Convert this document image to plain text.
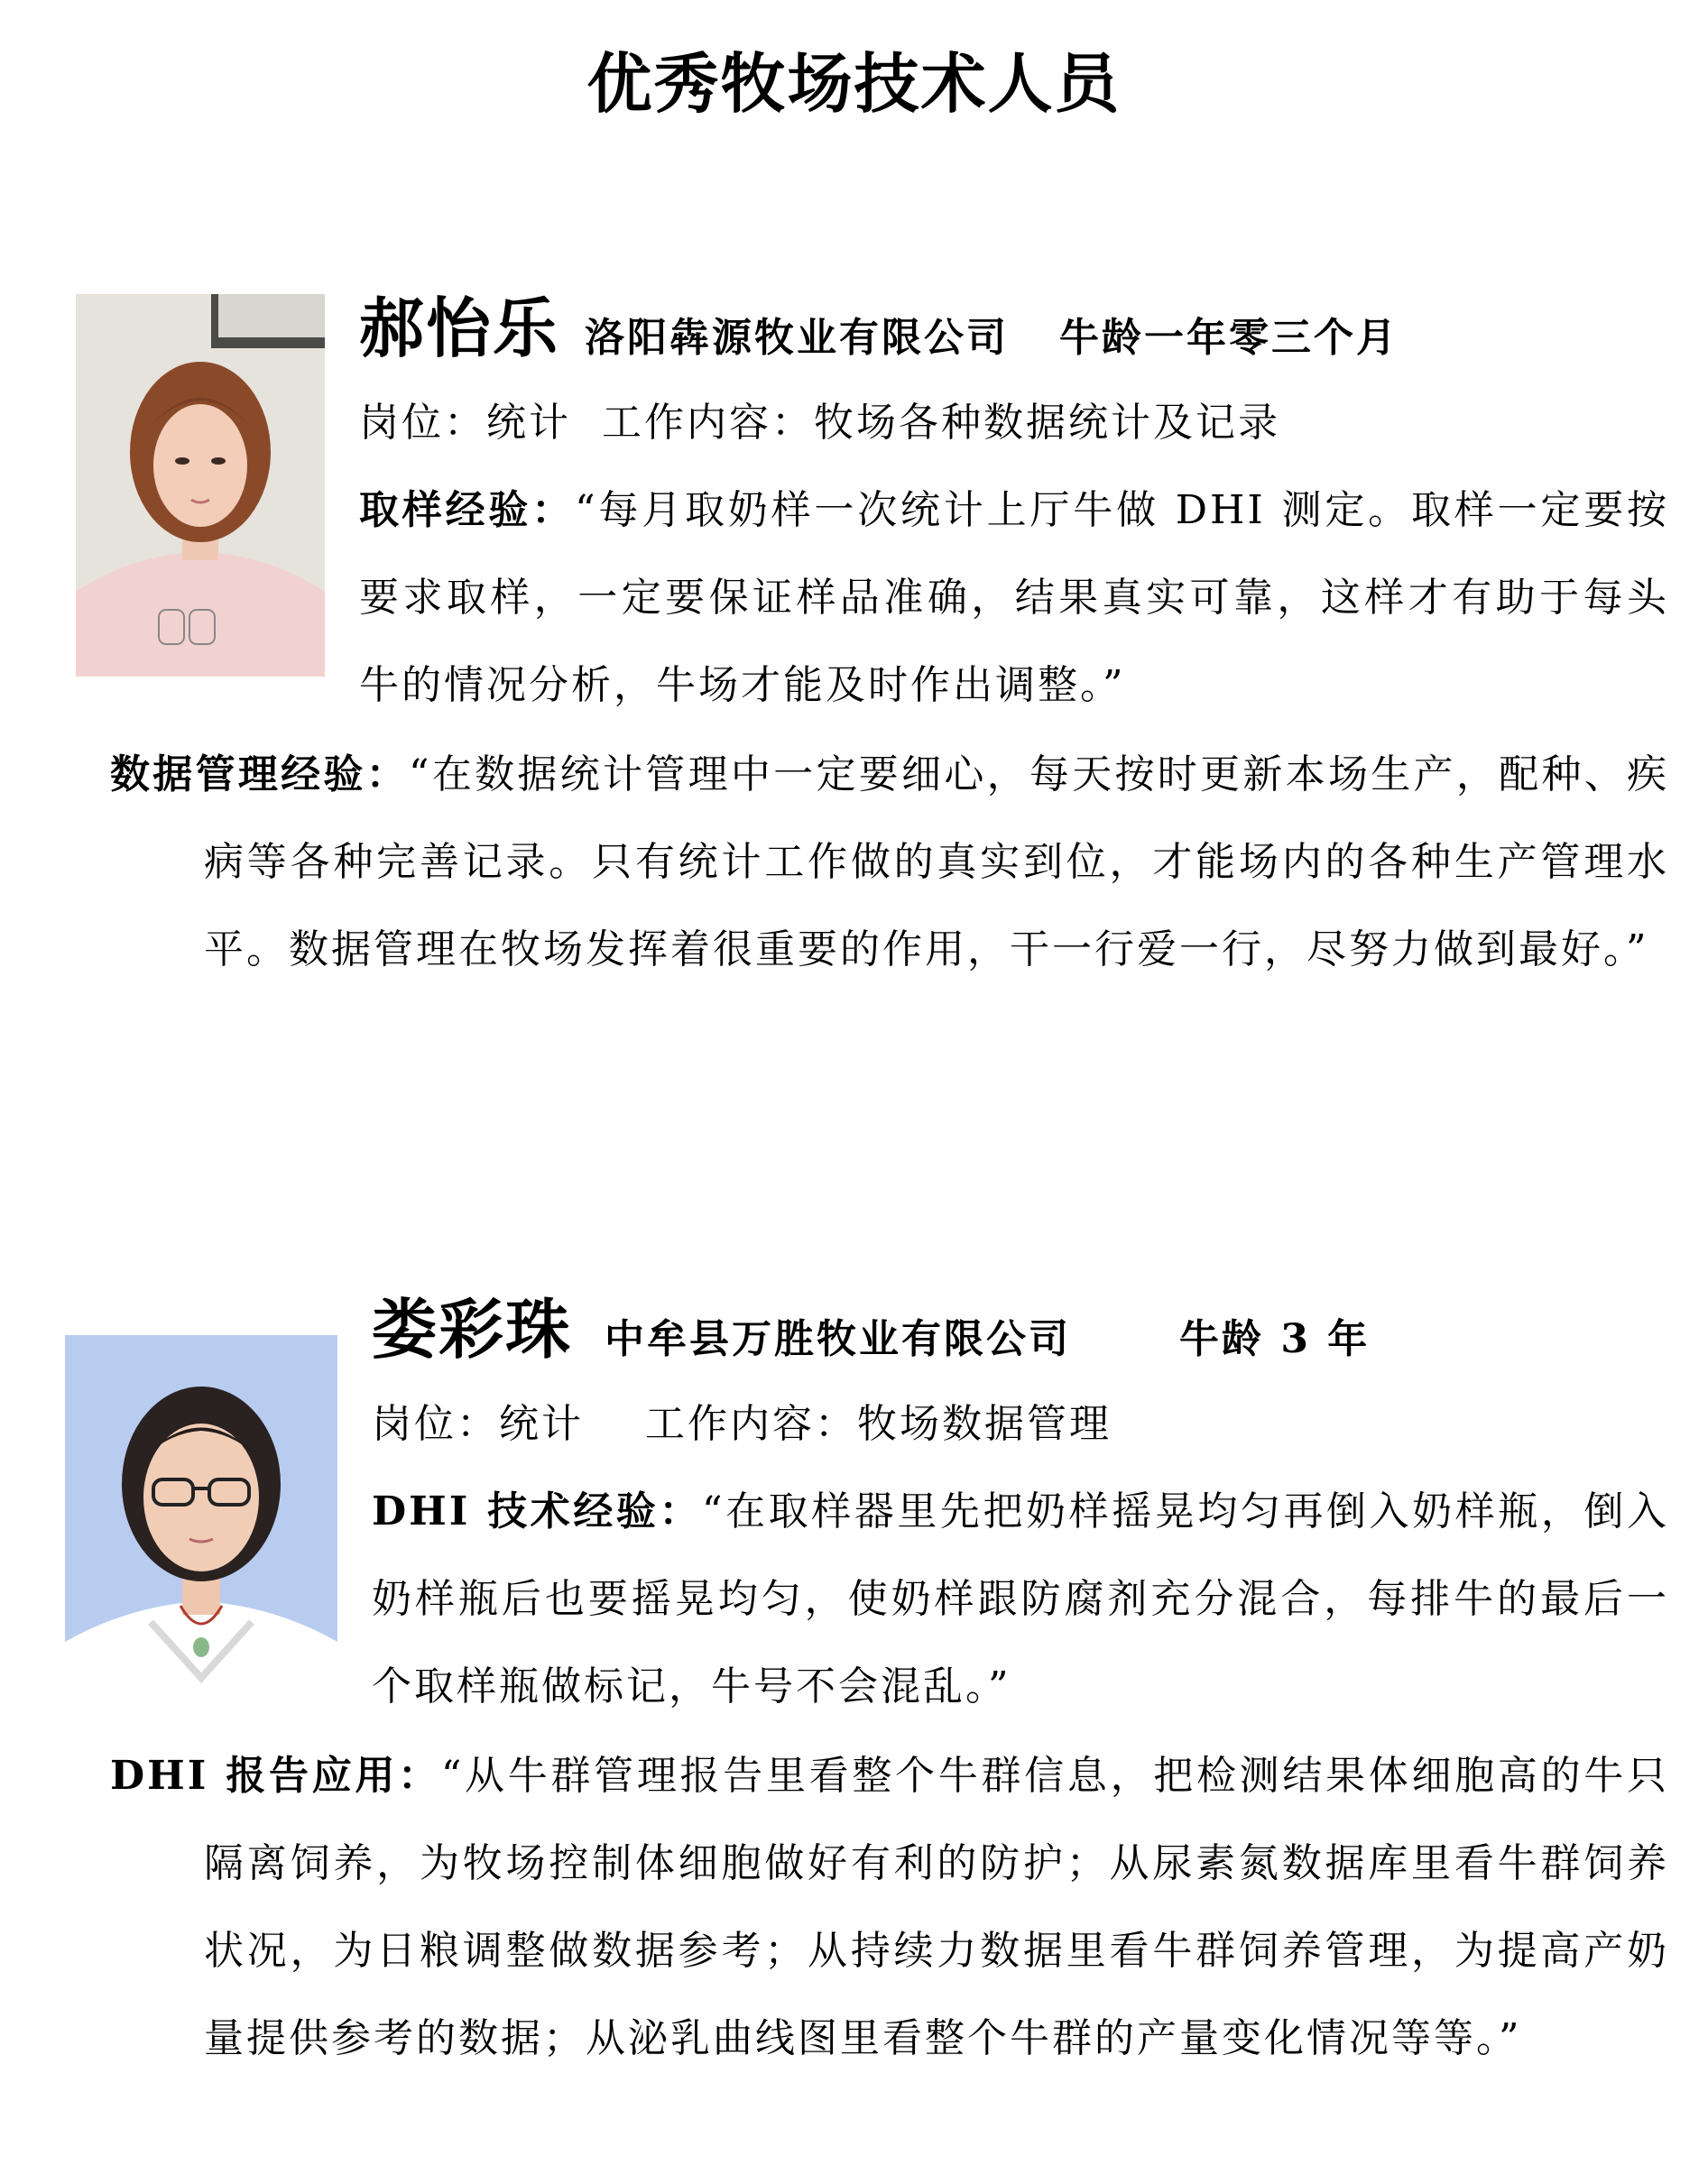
优秀牧场技术人员
郝怡乐 洛阳犇源牧业有限公司 牛龄一年零三个月
岗位：统计  工作内容：牧场各种数据统计及记录
取样经验：“每月取奶样一次统计上厅牛做 DHI 测定。取样一定要按要求取样，一定要保证样品准确，结果真实可靠，这样才有助于每头牛的情况分析，牛场才能及时作出调整。”
数据管理经验：“在数据统计管理中一定要细心，每天按时更新本场生产，配种、疾病等各种完善记录。只有统计工作做的真实到位，才能场内的各种生产管理水平。数据管理在牧场发挥着很重要的作用，干一行爱一行，尽努力做到最好。”
娄彩珠 中牟县万胜牧业有限公司	牛龄 3 年
岗位：统计    工作内容：牧场数据管理
DHI 技术经验：“在取样器里先把奶样摇晃均匀再倒入奶样瓶，倒入奶样瓶后也要摇晃均匀，使奶样跟防腐剂充分混合，每排牛的最后一个取样瓶做标记，牛号不会混乱。”
DHI 报告应用：“从牛群管理报告里看整个牛群信息，把检测结果体细胞高的牛只隔离饲养，为牧场控制体细胞做好有利的防护；从尿素氮数据库里看牛群饲养状况，为日粮调整做数据参考；从持续力数据里看牛群饲养管理，为提高产奶量提供参考的数据；从泌乳曲线图里看整个牛群的产量变化情况等等。”
